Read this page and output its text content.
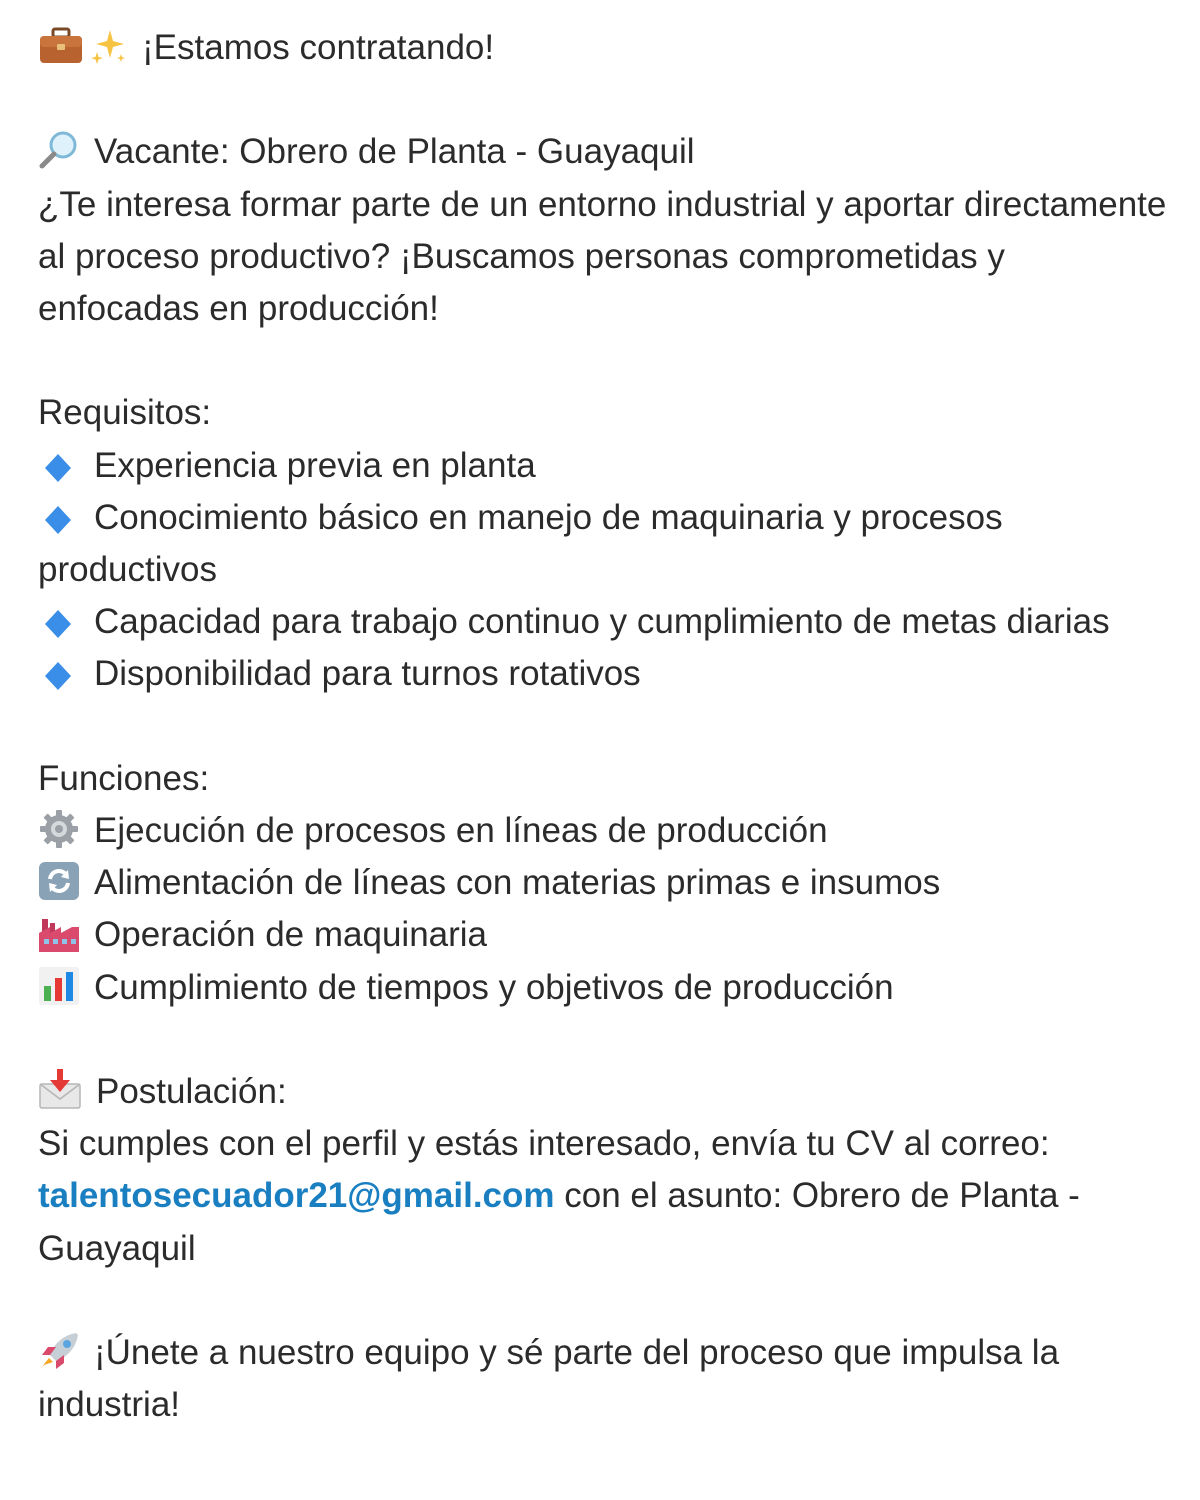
¡Estamos contratando!
Vacante: Obrero de Planta - Guayaquil
¿Te interesa formar parte de un entorno industrial y aportar directamente al proceso productivo? ¡Buscamos personas comprometidas y enfocadas en producción!
Requisitos:
Experiencia previa en planta
Conocimiento básico en manejo de maquinaria y procesos productivos
Capacidad para trabajo continuo y cumplimiento de metas diarias
Disponibilidad para turnos rotativos
Funciones:
Ejecución de procesos en líneas de producción
Alimentación de líneas con materias primas e insumos
Operación de maquinaria
Cumplimiento de tiempos y objetivos de producción
Postulación:
Si cumples con el perfil y estás interesado, envía tu CV al correo:
talentosecuador21@gmail.com con el asunto: Obrero de Planta - Guayaquil
¡Únete a nuestro equipo y sé parte del proceso que impulsa la industria!
